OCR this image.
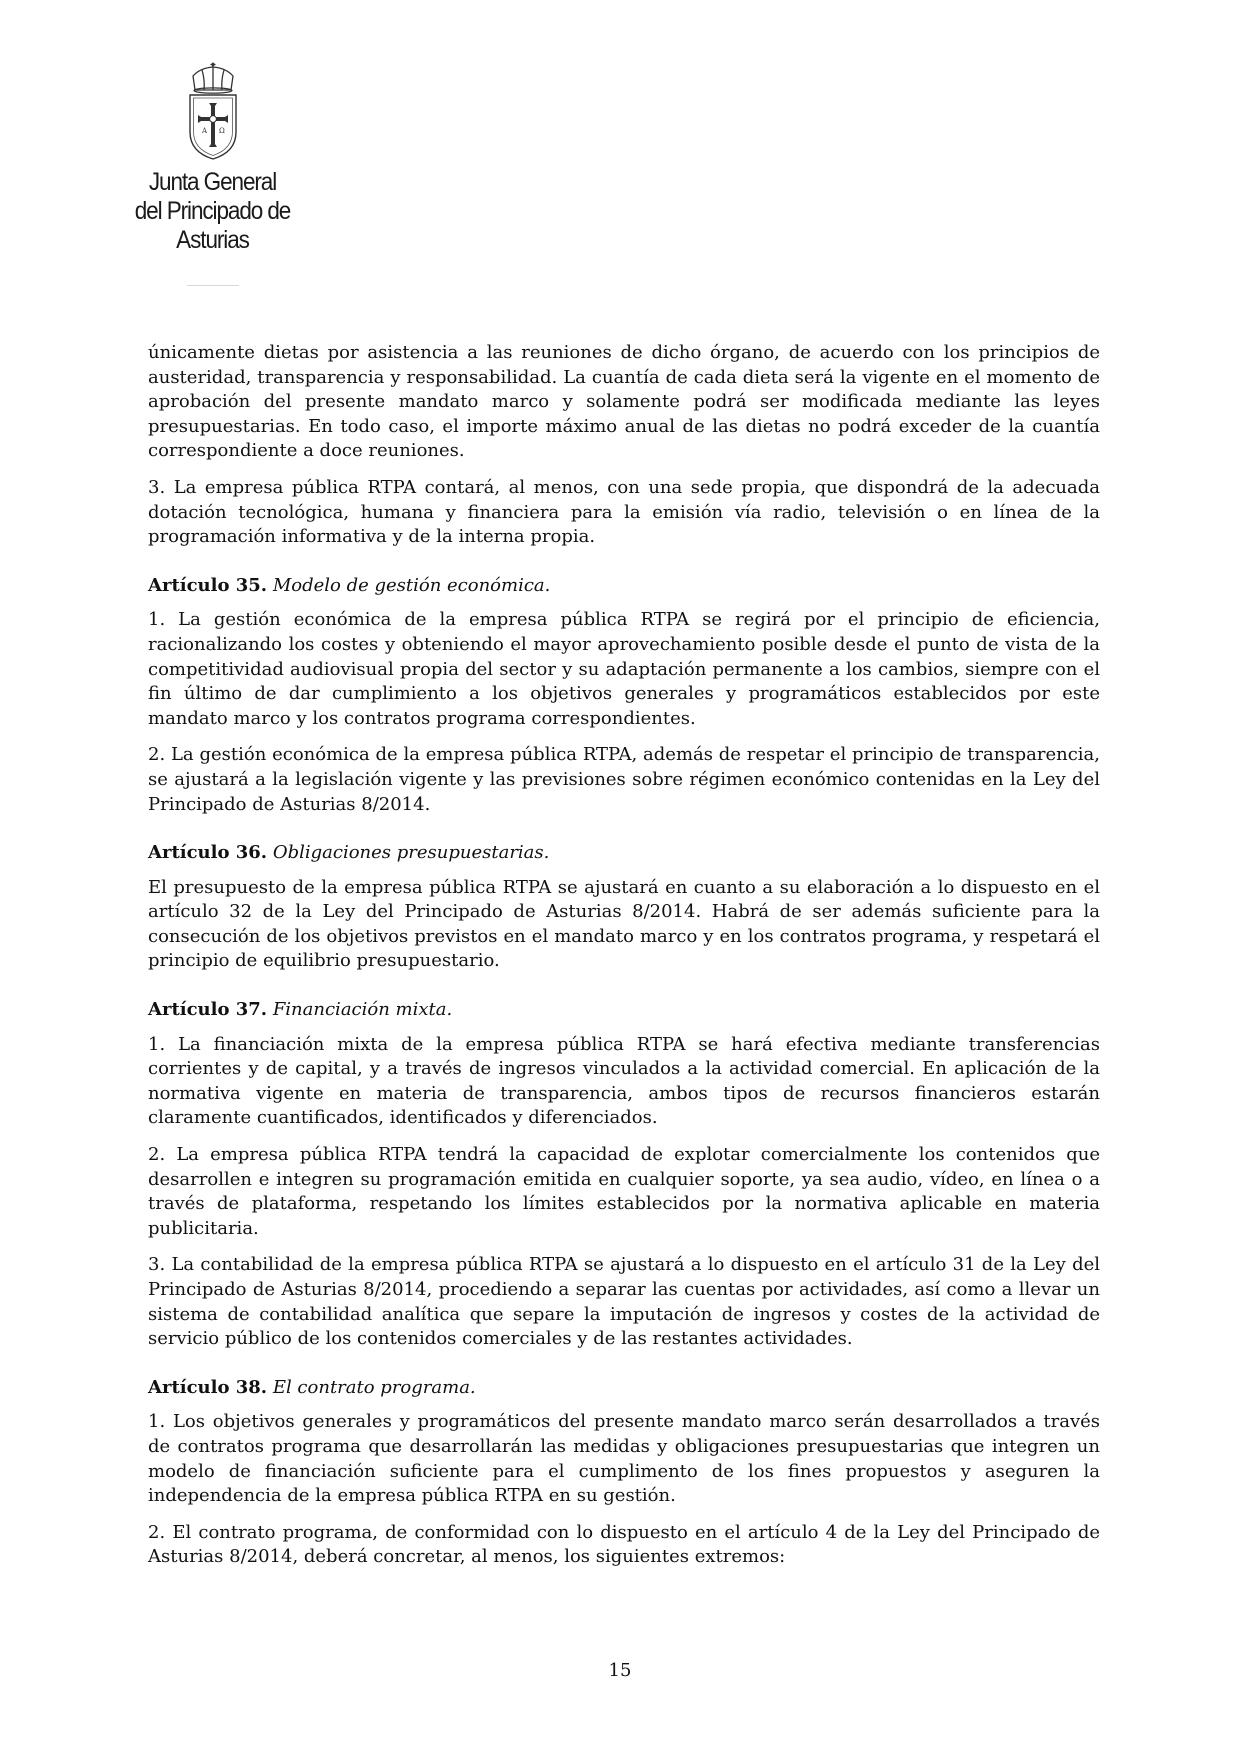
A Ω
Junta General
del Principado de Asturias

únicamente dietas por asistencia a las reuniones de dicho órgano, de acuerdo con los principios de austeridad, transparencia y responsabilidad. La cuantía de cada dieta será la vigente en el momento de aprobación del presente mandato marco y solamente podrá ser modificada mediante las leyes presupuestarias. En todo caso, el importe máximo anual de las dietas no podrá exceder de la cuantía correspondiente a doce reuniones.

3. La empresa pública RTPA contará, al menos, con una sede propia, que dispondrá de la adecuada dotación tecnológica, humana y financiera para la emisión vía radio, televisión o en línea de la programación informativa y de la interna propia.

Artículo 35. Modelo de gestión económica.

1. La gestión económica de la empresa pública RTPA se regirá por el principio de eficiencia, racionalizando los costes y obteniendo el mayor aprovechamiento posible desde el punto de vista de la competitividad audiovisual propia del sector y su adaptación permanente a los cambios, siempre con el fin último de dar cumplimiento a los objetivos generales y programáticos establecidos por este mandato marco y los contratos programa correspondientes.

2. La gestión económica de la empresa pública RTPA, además de respetar el principio de transparencia, se ajustará a la legislación vigente y las previsiones sobre régimen económico contenidas en la Ley del Principado de Asturias 8/2014.

Artículo 36. Obligaciones presupuestarias.

El presupuesto de la empresa pública RTPA se ajustará en cuanto a su elaboración a lo dispuesto en el artículo 32 de la Ley del Principado de Asturias 8/2014. Habrá de ser además suficiente para la consecución de los objetivos previstos en el mandato marco y en los contratos programa, y respetará el principio de equilibrio presupuestario.

Artículo 37. Financiación mixta.

1. La financiación mixta de la empresa pública RTPA se hará efectiva mediante transferencias corrientes y de capital, y a través de ingresos vinculados a la actividad comercial. En aplicación de la normativa vigente en materia de transparencia, ambos tipos de recursos financieros estarán claramente cuantificados, identificados y diferenciados.

2. La empresa pública RTPA tendrá la capacidad de explotar comercialmente los contenidos que desarrollen e integren su programación emitida en cualquier soporte, ya sea audio, vídeo, en línea o a través de plataforma, respetando los límites establecidos por la normativa aplicable en materia publicitaria.

3. La contabilidad de la empresa pública RTPA se ajustará a lo dispuesto en el artículo 31 de la Ley del Principado de Asturias 8/2014, procediendo a separar las cuentas por actividades, así como a llevar un sistema de contabilidad analítica que separe la imputación de ingresos y costes de la actividad de servicio público de los contenidos comerciales y de las restantes actividades.

Artículo 38. El contrato programa.

1. Los objetivos generales y programáticos del presente mandato marco serán desarrollados a través de contratos programa que desarrollarán las medidas y obligaciones presupuestarias que integren un modelo de financiación suficiente para el cumplimento de los fines propuestos y aseguren la independencia de la empresa pública RTPA en su gestión.

2. El contrato programa, de conformidad con lo dispuesto en el artículo 4 de la Ley del Principado de Asturias 8/2014, deberá concretar, al menos, los siguientes extremos:

15
